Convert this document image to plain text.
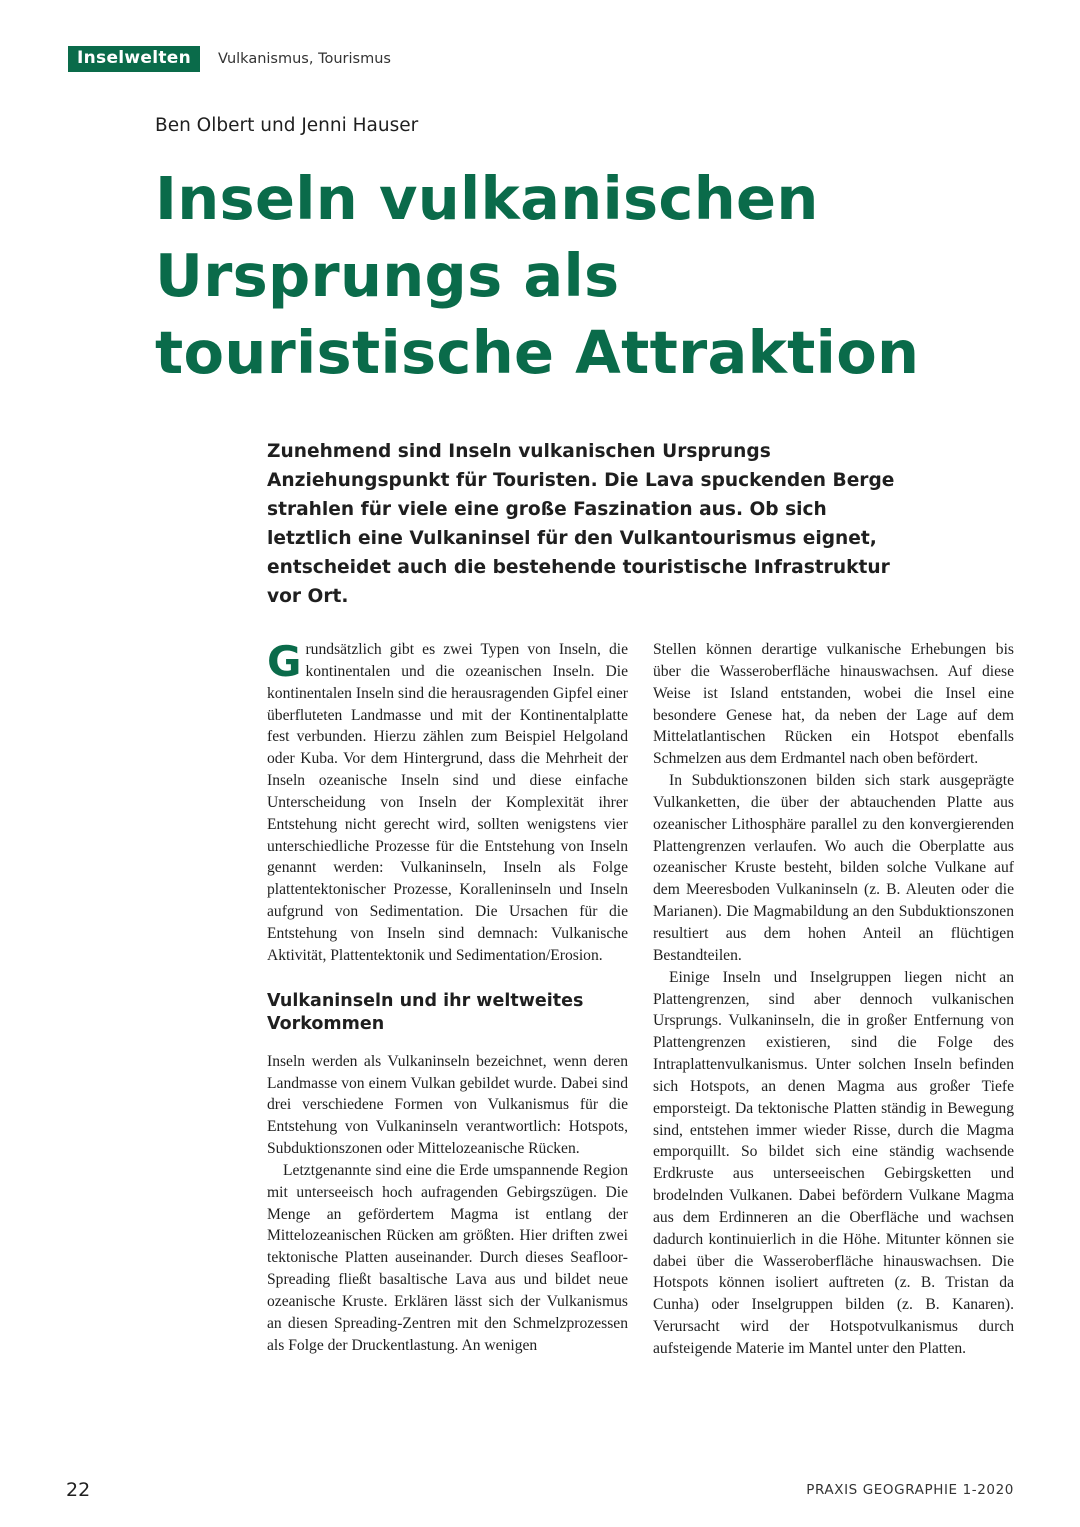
Inselwelten	Vulkanismus, Tourismus
Ben Olbert und Jenni Hauser
Inseln vulkanischen
Ursprungs als
touristische Attraktion

Zunehmend sind Inseln vulkanischen Ursprungs Anziehungspunkt für Touristen. Die Lava spuckenden Berge strahlen für viele eine große Faszination aus. Ob sich letztlich eine Vulkaninsel für den Vulkantourismus eignet, entscheidet auch die bestehende touristische Infrastruktur vor Ort.

Grundsätzlich gibt es zwei Typen von Inseln, die kontinentalen und die ozeanischen Inseln. Die kontinentalen Inseln sind die herausragenden Gipfel einer überfluteten Landmasse und mit der Kontinentalplatte fest verbunden. Hierzu zählen zum Beispiel Helgoland oder Kuba. Vor dem Hintergrund, dass die Mehrheit der Inseln ozeanische Inseln sind und diese einfache Unterscheidung von Inseln der Komplexität ihrer Entstehung nicht gerecht wird, sollten wenigstens vier unterschiedliche Prozesse für die Entstehung von Inseln genannt werden: Vulkaninseln, Inseln als Folge plattentektonischer Prozesse, Koralleninseln und Inseln aufgrund von Sedimentation. Die Ursachen für die Entstehung von Inseln sind demnach: Vulkanische Aktivität, Plattentektonik und Sedimentation/Erosion.

Vulkaninseln und ihr weltweites Vorkommen

Inseln werden als Vulkaninseln bezeichnet, wenn deren Landmasse von einem Vulkan gebildet wurde. Dabei sind drei verschiedene Formen von Vulkanismus für die Entstehung von Vulkaninseln verantwortlich: Hotspots, Subduktionszonen oder Mittelozeanische Rücken.

Letztgenannte sind eine die Erde umspannende Region mit unterseeisch hoch aufragenden Gebirgszügen. Die Menge an gefördertem Magma ist entlang der Mittelozeanischen Rücken am größten. Hier driften zwei tektonische Platten auseinander. Durch dieses Seafloor-Spreading fließt basaltische Lava aus und bildet neue ozeanische Kruste. Erklären lässt sich der Vulkanismus an diesen Spreading-Zentren mit den Schmelzprozessen als Folge der Druckentlastung. An wenigen

Stellen können derartige vulkanische Erhebungen bis über die Wasseroberfläche hinauswachsen. Auf diese Weise ist Island entstanden, wobei die Insel eine besondere Genese hat, da neben der Lage auf dem Mittelatlantischen Rücken ein Hotspot ebenfalls Schmelzen aus dem Erdmantel nach oben befördert.

In Subduktionszonen bilden sich stark ausgeprägte Vulkanketten, die über der abtauchenden Platte aus ozeanischer Lithosphäre parallel zu den konvergierenden Plattengrenzen verlaufen. Wo auch die Oberplatte aus ozeanischer Kruste besteht, bilden solche Vulkane auf dem Meeresboden Vulkaninseln (z. B. Aleuten oder die Marianen). Die Magmabildung an den Subduktionszonen resultiert aus dem hohen Anteil an flüchtigen Bestandteilen.

Einige Inseln und Inselgruppen liegen nicht an Plattengrenzen, sind aber dennoch vulkanischen Ursprungs. Vulkaninseln, die in großer Entfernung von Plattengrenzen existieren, sind die Folge des Intraplattenvulkanismus. Unter solchen Inseln befinden sich Hotspots, an denen Magma aus großer Tiefe emporsteigt. Da tektonische Platten ständig in Bewegung sind, entstehen immer wieder Risse, durch die Magma emporquillt. So bildet sich eine ständig wachsende Erdkruste aus unterseeischen Gebirgsketten und brodelnden Vulkanen. Dabei befördern Vulkane Magma aus dem Erdinneren an die Oberfläche und wachsen dadurch kontinuierlich in die Höhe. Mitunter können sie dabei über die Wasseroberfläche hinauswachsen. Die Hotspots können isoliert auftreten (z. B. Tristan da Cunha) oder Inselgruppen bilden (z. B. Kanaren). Verursacht wird der Hotspotvulkanismus durch aufsteigende Materie im Mantel unter den Platten.

22	PRAXIS GEOGRAPHIE 1-2020
